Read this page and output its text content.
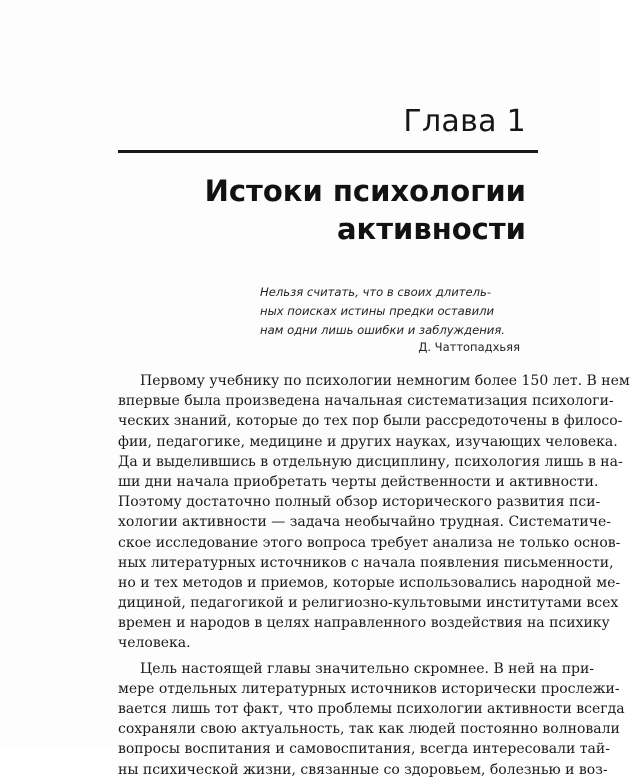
Глава 1
Истоки психологии
активности
Нельзя считать, что в своих длитель-
ных поисках истины предки оставили
нам одни лишь ошибки и заблуждения.
Д. Чаттопадхьяя
Первому учебнику по психологии немногим более 150 лет. В нем
впервые была произведена начальная систематизация психологи-
ческих знаний, которые до тех пор были рассредоточены в филосо-
фии, педагогике, медицине и других науках, изучающих человека.
Да и выделившись в отдельную дисциплину, психология лишь в на-
ши дни начала приобретать черты действенности и активности.
Поэтому достаточно полный обзор исторического развития пси-
хологии активности — задача необычайно трудная. Систематиче-
ское исследование этого вопроса требует анализа не только основ-
ных литературных источников с начала появления письменности,
но и тех методов и приемов, которые использовались народной ме-
дициной, педагогикой и религиозно-культовыми институтами всех
времен и народов в целях направленного воздействия на психику
человека.
Цель настоящей главы значительно скромнее. В ней на при-
мере отдельных литературных источников исторически прослежи-
вается лишь тот факт, что проблемы психологии активности всегда
сохраняли свою актуальность, так как людей постоянно волновали
вопросы воспитания и самовоспитания, всегда интересовали тай-
ны психической жизни, связанные со здоровьем, болезнью и воз-
